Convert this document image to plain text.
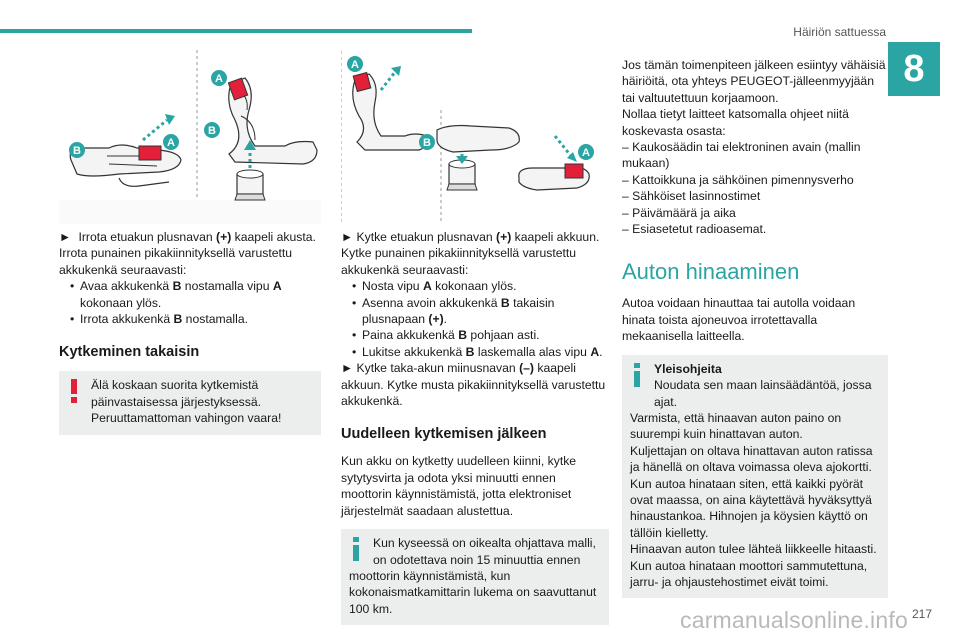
Häiriön sattuessa
8
A
B
A
B
A
B
A

► Irrota etuakun plusnavan (+) kaapeli akusta. Irrota punainen pikakiinnityksellä varustettu akkukenkä seuraavasti:

• Avaa akkukenkä B nostamalla vipu A kokonaan ylös.
• Irrota akkukenkä B nostamalla.
Kytkeminen takaisin

Älä koskaan suorita kytkemistä päinvastaisessa järjestyksessä. Peruuttamattoman vahingon vaara!

► Kytke etuakun plusnavan (+) kaapeli akkuun. Kytke punainen pikakiinnityksellä varustettu akkukenkä seuraavasti:

• Nosta vipu A kokonaan ylös.
• Asenna avoin akkukenkä B takaisin plusnapaan (+).
• Paina akkukenkä B pohjaan asti.
• Lukitse akkukenkä B laskemalla alas vipu A.

► Kytke taka-akun miinusnavan (–) kaapeli akkuun. Kytke musta pikakiinnityksellä varustettu akkukenkä.

Uudelleen kytkemisen jälkeen

Kun akku on kytketty uudelleen kiinni, kytke sytytysvirta ja odota yksi minuutti ennen moottorin käynnistämistä, jotta elektroniset järjestelmät saadaan alustettua.

Kun kyseessä on oikealta ohjattava malli, on odotettava noin 15 minuuttia ennen

moottorin käynnistämistä, kun kokonaismatkamittarin lukema on saavuttanut 100 km.

Jos tämän toimenpiteen jälkeen esiintyy vähäisiä häiriöitä, ota yhteys PEUGEOT-jälleenmyyjään tai valtuutettuun korjaamoon.

Nollaa tietyt laitteet katsomalla ohjeet niitä koskevasta osasta:

– Kaukosäädin tai elektroninen avain (mallin mukaan)
– Kattoikkuna ja sähköinen pimennysverho
– Sähköiset lasinnostimet
– Päivämäärä ja aika
– Esiasetetut radioasemat.
Auton hinaaminen

Autoa voidaan hinauttaa tai autolla voidaan hinata toista ajoneuvoa irrotettavalla mekaanisella laitteella.

Yleisohjeita

Noudata sen maan lainsäädäntöä, jossa ajat.

Varmista, että hinaavan auton paino on suurempi kuin hinattavan auton.

Kuljettajan on oltava hinattavan auton ratissa ja hänellä on oltava voimassa oleva ajokortti.

Kun autoa hinataan siten, että kaikki pyörät ovat maassa, on aina käytettävä hyväksyttyä hinaustankoa. Hihnojen ja köysien käyttö on tällöin kielletty.

Hinaavan auton tulee lähteä liikkeelle hitaasti.

Kun autoa hinataan moottori sammutettuna, jarru- ja ohjaustehostimet eivät toimi.

217
carmanualsonline.info
